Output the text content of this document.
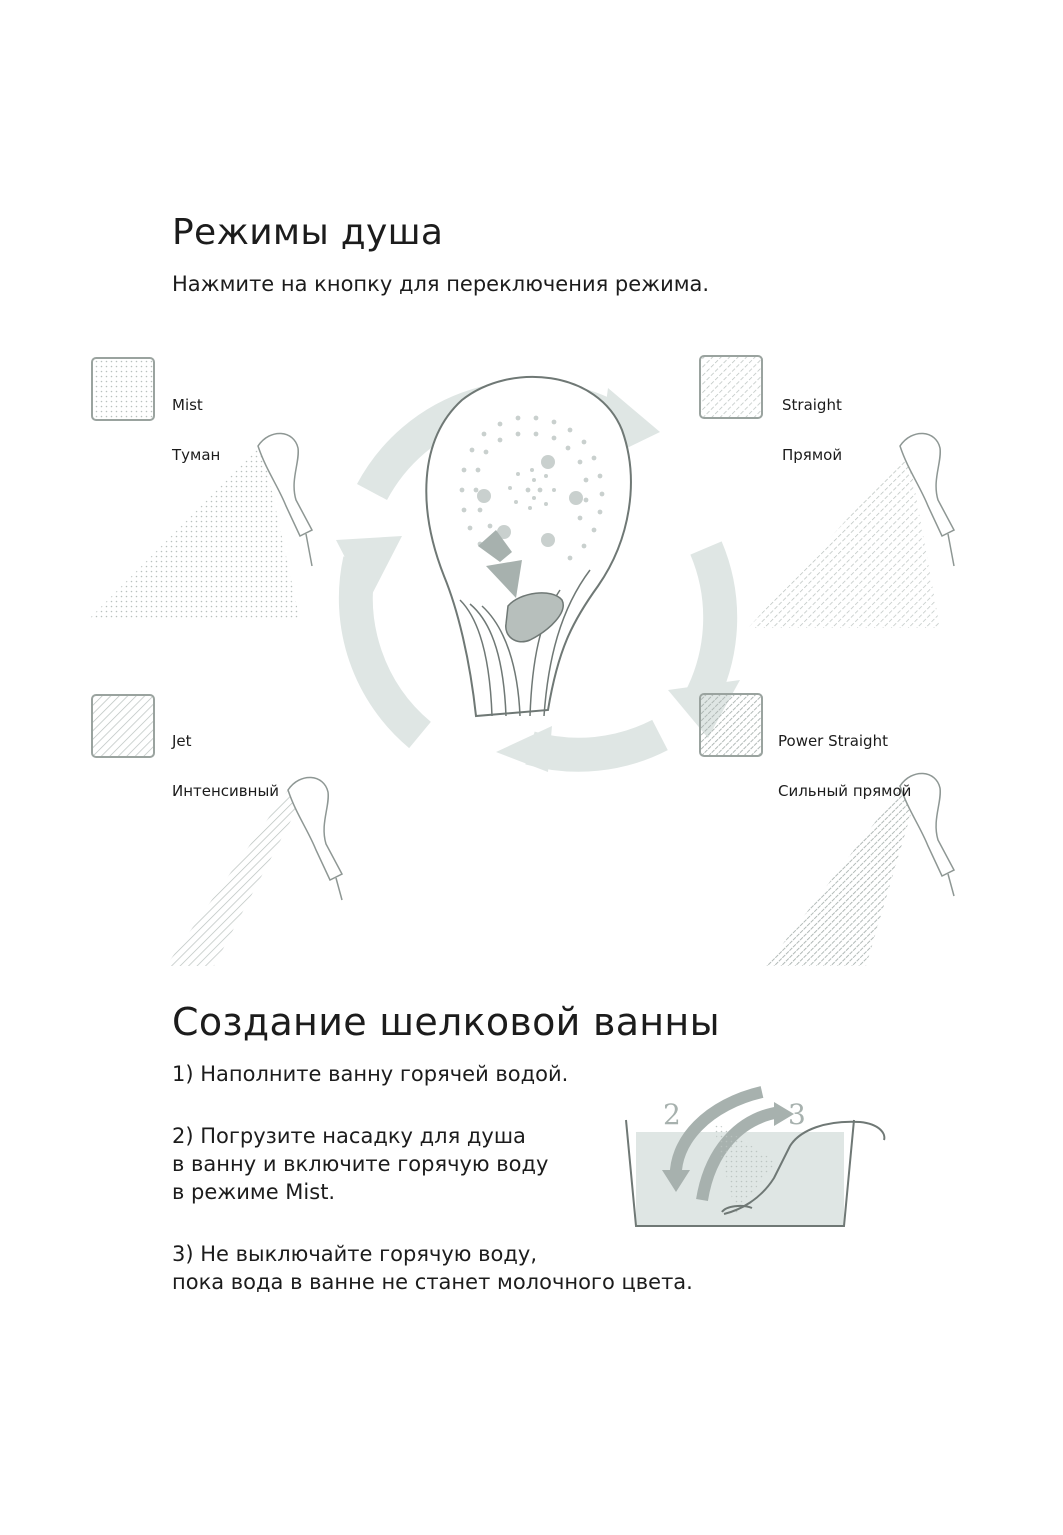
Режимы душа
Нажмите на кнопку для переключения режима.
2	3

Mist

Туман

Straight

Прямой

Jet

Интенсивный

Power Straight

Сильный прямой

Создание шелковой ванны
1) Наполните ванну горячей водой.
2) Погрузите насадку для душа
в ванну и включите горячую воду
в режиме Mist.
3) Не выключайте горячую воду,
пока вода в ванне не станет молочного цвета.
